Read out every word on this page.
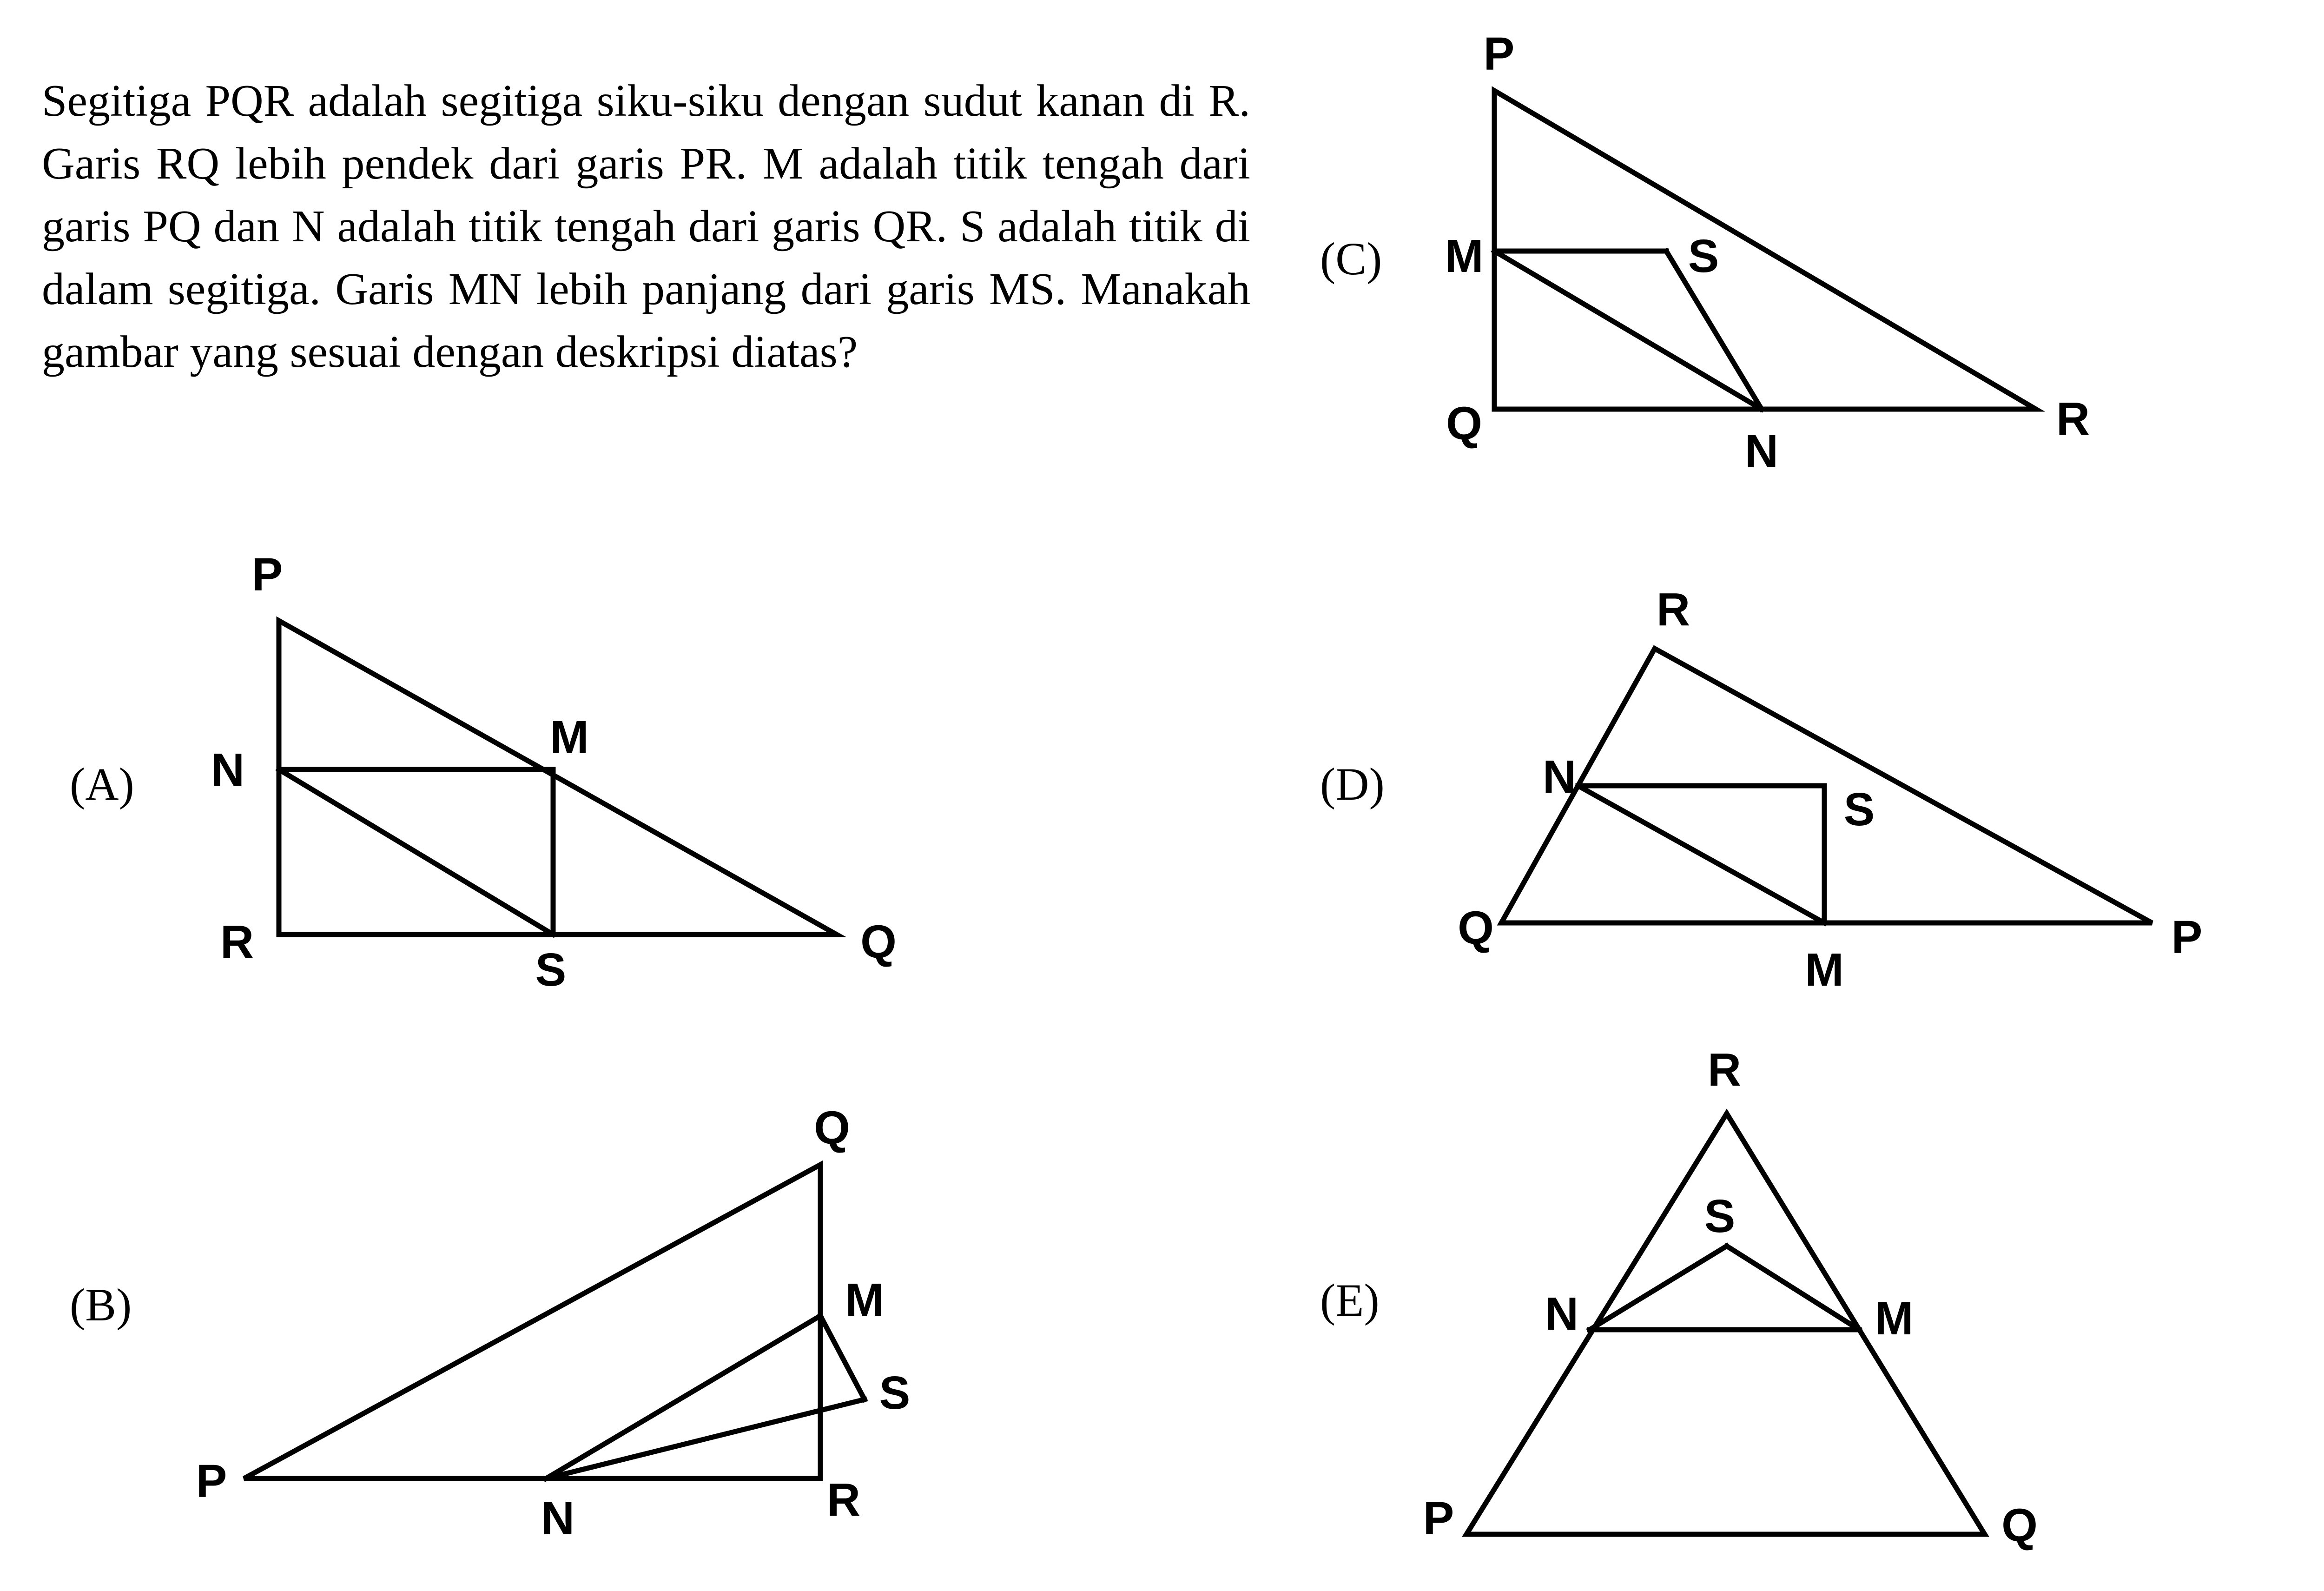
Segitiga PQR adalah segitiga siku-siku dengan sudut kanan di R. Garis RQ lebih pendek dari garis PR. M adalah titik tengah dari garis PQ dan N adalah titik tengah dari garis QR. S adalah titik di dalam segitiga. Garis MN lebih panjang dari garis MS. Manakah gambar yang sesuai dengan deskripsi diatas?

(A)
P
N
M
R
S
Q
(B)
Q
M
S
P
N	R
(C)
P
M	S
Q
N
R
(D)
R
N
S
Q
M
P
(E)
R
S
N	M
P	Q
